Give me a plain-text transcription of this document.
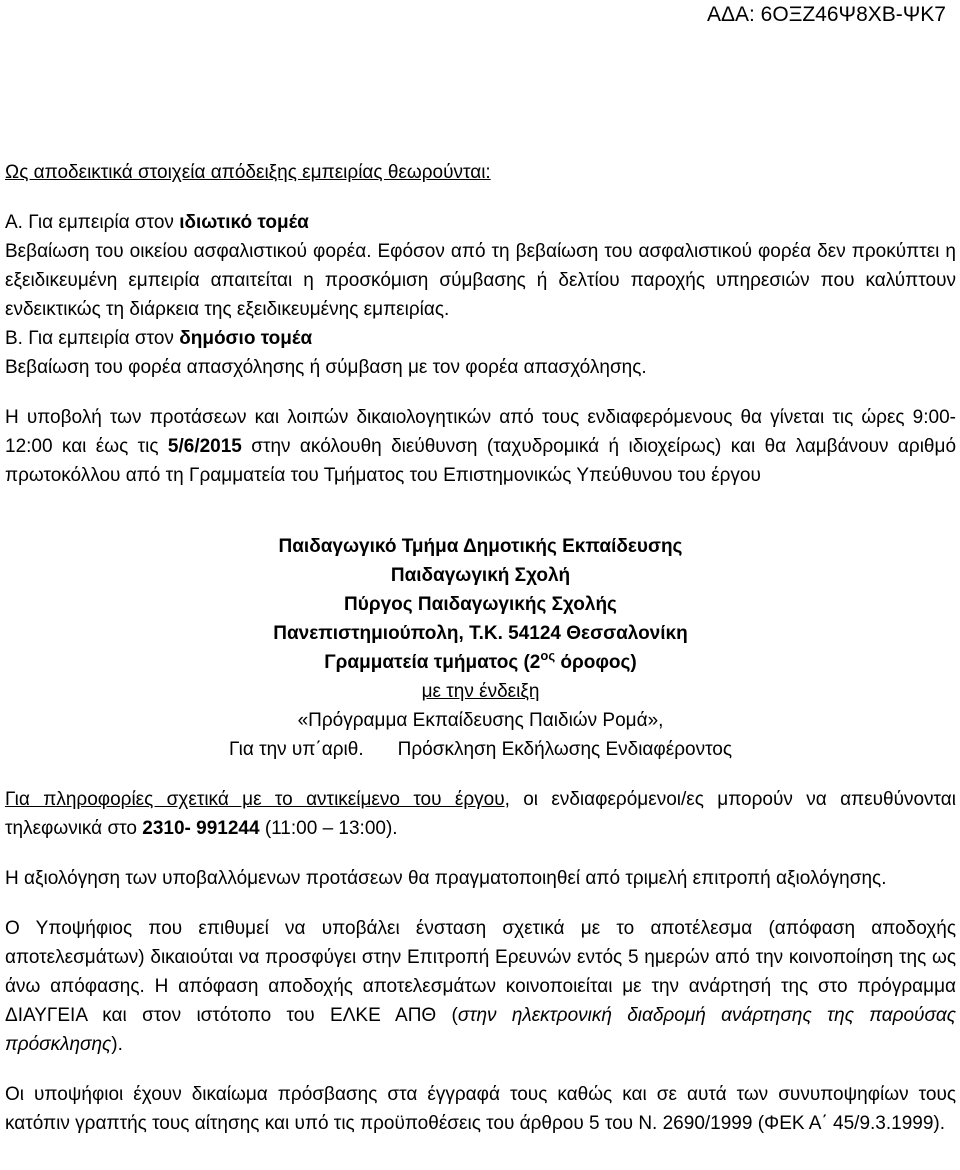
ΑΔΑ: 6ΟΞΖ46Ψ8ΧΒ-ΨΚ7

Ως αποδεικτικά στοιχεία απόδειξης εμπειρίας θεωρούνται:

Α. Για εμπειρία στον ιδιωτικό τομέα

Βεβαίωση του οικείου ασφαλιστικού φορέα. Εφόσον από τη βεβαίωση του ασφαλιστικού φορέα δεν προκύπτει η εξειδικευμένη εμπειρία απαιτείται η προσκόμιση σύμβασης ή δελτίου παροχής υπηρεσιών που καλύπτουν ενδεικτικώς τη διάρκεια της εξειδικευμένης εμπειρίας.

Β. Για εμπειρία στον δημόσιο τομέα

Βεβαίωση του φορέα απασχόλησης ή σύμβαση με τον φορέα απασχόλησης.

Η υποβολή των προτάσεων και λοιπών δικαιολογητικών από τους ενδιαφερόμενους θα γίνεται τις ώρες 9:00-12:00 και έως τις 5/6/2015 στην ακόλουθη διεύθυνση (ταχυδρομικά ή ιδιοχείρως) και θα λαμβάνουν αριθμό πρωτοκόλλου από τη Γραμματεία του Τμήματος του Επιστημονικώς Υπεύθυνου του έργου

Παιδαγωγικό Τμήμα Δημοτικής Εκπαίδευσης

Παιδαγωγική Σχολή

Πύργος Παιδαγωγικής Σχολής

Πανεπιστημιούπολη, Τ.Κ. 54124 Θεσσαλονίκη

Γραμματεία τμήματος ($2^{o\varsigma}$ όροφος)

με την ένδειξη

«Πρόγραμμα Εκπαίδευσης Παιδιών Ρομά»,

Για την υπ΄αριθ. Πρόσκληση Εκδήλωσης Ενδιαφέροντος

Για πληροφορίες σχετικά με το αντικείμενο του έργου, οι ενδιαφερόμενοι/ες μπορούν να απευθύνονται τηλεφωνικά στο 2310- 991244 (11:00 – 13:00).

Η αξιολόγηση των υποβαλλόμενων προτάσεων θα πραγματοποιηθεί από τριμελή επιτροπή αξιολόγησης.

Ο Υποψήφιος που επιθυμεί να υποβάλει ένσταση σχετικά με το αποτέλεσμα (απόφαση αποδοχής αποτελεσμάτων) δικαιούται να προσφύγει στην Επιτροπή Ερευνών εντός 5 ημερών από την κοινοποίηση της ως άνω απόφασης. Η απόφαση αποδοχής αποτελεσμάτων κοινοποιείται με την ανάρτησή της στο πρόγραμμα ΔΙΑΥΓΕΙΑ και στον ιστότοπο του ΕΛΚΕ ΑΠΘ (στην ηλεκτρονική διαδρομή ανάρτησης της παρούσας πρόσκλησης).

Οι υποψήφιοι έχουν δικαίωμα πρόσβασης στα έγγραφά τους καθώς και σε αυτά των συνυποψηφίων τους κατόπιν γραπτής τους αίτησης και υπό τις προϋποθέσεις του άρθρου 5 του Ν. 2690/1999 (ΦΕΚ Α΄ 45/9.3.1999).
